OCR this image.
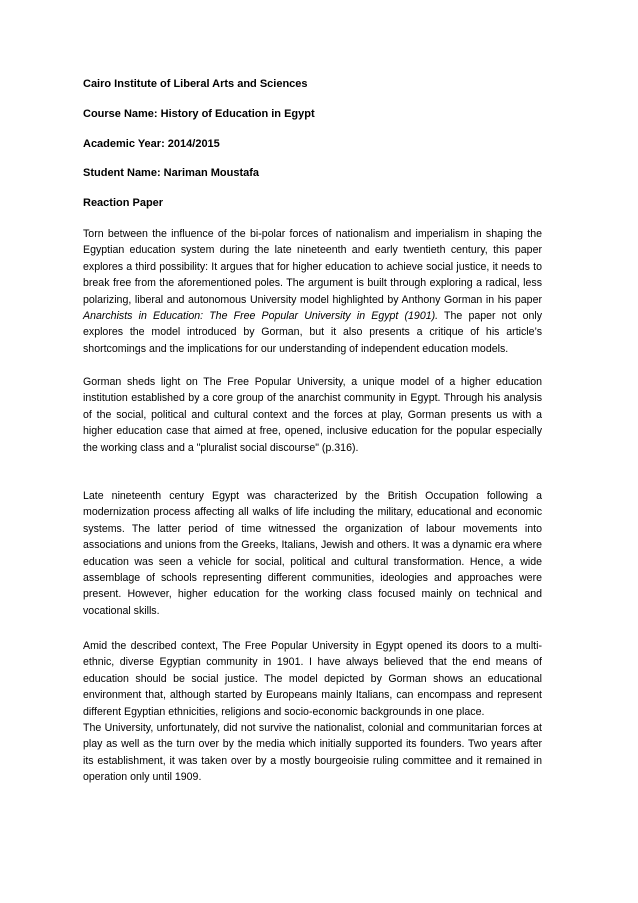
Cairo Institute of Liberal Arts and Sciences
Course Name: History of Education in Egypt
Academic Year: 2014/2015
Student Name: Nariman Moustafa
Reaction Paper

Torn between the influence of the bi-polar forces of nationalism and imperialism in shaping the Egyptian education system during the late nineteenth and early twentieth century, this paper explores a third possibility: It argues that for higher education to achieve social justice, it needs to break free from the aforementioned poles. The argument is built through exploring a radical, less polarizing, liberal and autonomous University model highlighted by Anthony Gorman in his paper Anarchists in Education: The Free Popular University in Egypt (1901). The paper not only explores the model introduced by Gorman, but it also presents a critique of his article’s shortcomings and the implications for our understanding of independent education models.

Gorman sheds light on The Free Popular University, a unique model of a higher education institution established by a core group of the anarchist community in Egypt. Through his analysis of the social, political and cultural context and the forces at play, Gorman presents us with a higher education case that aimed at free, opened, inclusive education for the popular especially the working class and a "pluralist social discourse" (p.316).

Late nineteenth century Egypt was characterized by the British Occupation following a modernization process affecting all walks of life including the military, educational and economic systems. The latter period of time witnessed the organization of labour movements into associations and unions from the Greeks, Italians, Jewish and others. It was a dynamic era where education was seen a vehicle for social, political and cultural transformation. Hence, a wide assemblage of schools representing different communities, ideologies and approaches were present. However, higher education for the working class focused mainly on technical and vocational skills.

Amid the described context, The Free Popular University in Egypt opened its doors to a multi-ethnic, diverse Egyptian community in 1901. I have always believed that the end means of education should be social justice. The model depicted by Gorman shows an educational environment that, although started by Europeans mainly Italians, can encompass and represent different Egyptian ethnicities, religions and socio-economic backgrounds in one place.

The University, unfortunately, did not survive the nationalist, colonial and communitarian forces at play as well as the turn over by the media which initially supported its founders. Two years after its establishment, it was taken over by a mostly bourgeoisie ruling committee and it remained in operation only until 1909.
